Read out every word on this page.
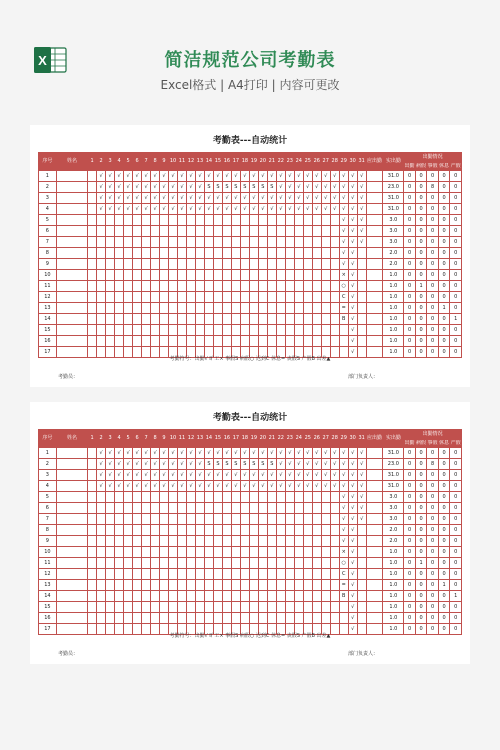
X	简洁规范公司考勤表
Excel格式 | A4打印 | 内容可更改
考勤表---自动统计
序号	姓名	1	2	3	4	5	6	7	8	9	10	11	12	13	14	15	16	17	18	19	20	21	22	23	24	25	26	27	28	29	30	31	应出勤	实出勤	出勤情况				
																																			出勤	病假	事假	休息	产假
1			√	√	√	√	√	√	√	√	√	√	√	√	√	√	√	√	√	√	√	√	√	√	√	√	√	√	√	√	√	√		31.0	0	0	0	0	0
2			√	√	√	√	√	√	√	√	√	√	√	√	S	S	S	S	S	S	S	S	√	√	√	√	√	√	√	√	√	√		23.0	0	0	8	0	0
3			√	√	√	√	√	√	√	√	√	√	√	√	√	√	√	√	√	√	√	√	√	√	√	√	√	√	√	√	√	√		31.0	0	0	0	0	0
4			√	√	√	√	√	√	√	√	√	√	√	√	√	√	√	√	√	√	√	√	√	√	√	√	√	√	√	√	√	√		31.0	0	0	0	0	0
5																														√	√	√		3.0	0	0	0	0	0
6																														√	√	√		3.0	0	0	0	0	0
7																														√	√	√		3.0	0	0	0	0	0
8																														√	√			2.0	0	0	0	0	0
9																														√	√			2.0	0	0	0	0	0
10																														×	√			1.0	0	0	0	0	0
11																														○	√			1.0	0	1	0	0	0
12																														C	√			1.0	0	0	0	0	0
13																														=	√			1.0	0	0	0	1	0
14																														B	√			1.0	0	0	0	0	1
15																															√			1.0	0	0	0	0	0
16																															√			1.0	0	0	0	0	0
17																															√			1.0	0	0	0	0	0
考勤符号：出勤√ 旷工× 事假S 病假○ 迟到C 休息= 丧假S 产假B 出差▲
考勤员：	部门负责人：
考勤表---自动统计
序号	姓名	1	2	3	4	5	6	7	8	9	10	11	12	13	14	15	16	17	18	19	20	21	22	23	24	25	26	27	28	29	30	31	应出勤	实出勤	出勤情况				
																																			出勤	病假	事假	休息	产假
1			√	√	√	√	√	√	√	√	√	√	√	√	√	√	√	√	√	√	√	√	√	√	√	√	√	√	√	√	√	√		31.0	0	0	0	0	0
2			√	√	√	√	√	√	√	√	√	√	√	√	S	S	S	S	S	S	S	S	√	√	√	√	√	√	√	√	√	√		23.0	0	0	8	0	0
3			√	√	√	√	√	√	√	√	√	√	√	√	√	√	√	√	√	√	√	√	√	√	√	√	√	√	√	√	√	√		31.0	0	0	0	0	0
4			√	√	√	√	√	√	√	√	√	√	√	√	√	√	√	√	√	√	√	√	√	√	√	√	√	√	√	√	√	√		31.0	0	0	0	0	0
5																														√	√	√		3.0	0	0	0	0	0
6																														√	√	√		3.0	0	0	0	0	0
7																														√	√	√		3.0	0	0	0	0	0
8																														√	√			2.0	0	0	0	0	0
9																														√	√			2.0	0	0	0	0	0
10																														×	√			1.0	0	0	0	0	0
11																														○	√			1.0	0	1	0	0	0
12																														C	√			1.0	0	0	0	0	0
13																														=	√			1.0	0	0	0	1	0
14																														B	√			1.0	0	0	0	0	1
15																															√			1.0	0	0	0	0	0
16																															√			1.0	0	0	0	0	0
17																															√			1.0	0	0	0	0	0
考勤符号：出勤√ 旷工× 事假S 病假○ 迟到C 休息= 丧假S 产假B 出差▲
考勤员：	部门负责人：
